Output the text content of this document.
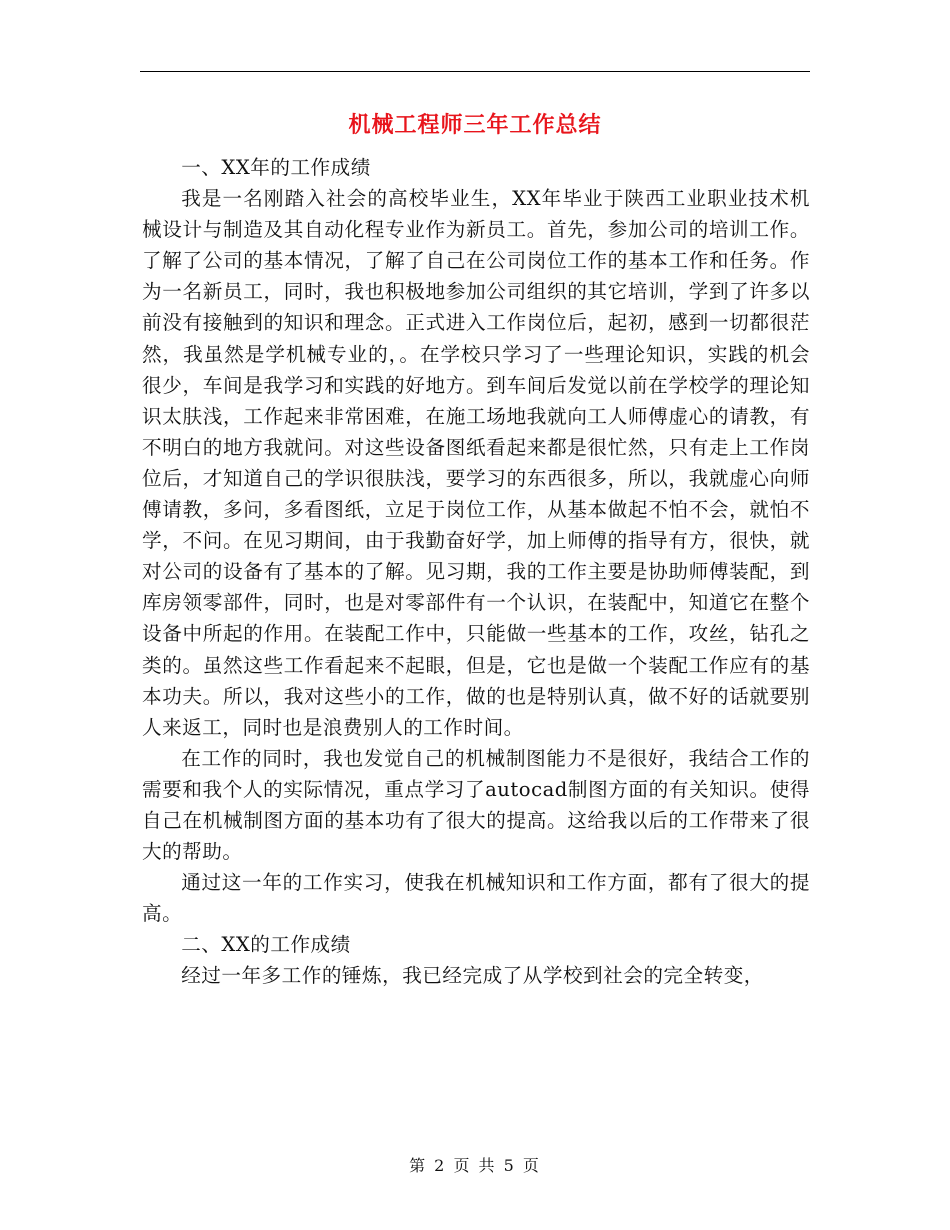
机械工程师三年工作总结

一、XX年的工作成绩

我是一名刚踏入社会的高校毕业生，XX年毕业于陕西工业职业技术机械设计与制造及其自动化程专业作为新员工。首先，参加公司的培训工作。了解了公司的基本情况，了解了自己在公司岗位工作的基本工作和任务。作为一名新员工，同时，我也积极地参加公司组织的其它培训，学到了许多以前没有接触到的知识和理念。正式进入工作岗位后，起初，感到一切都很茫然，我虽然是学机械专业的，。在学校只学习了一些理论知识，实践的机会很少，车间是我学习和实践的好地方。到车间后发觉以前在学校学的理论知识太肤浅，工作起来非常困难，在施工场地我就向工人师傅虚心的请教，有不明白的地方我就问。对这些设备图纸看起来都是很忙然，只有走上工作岗位后，才知道自己的学识很肤浅，要学习的东西很多，所以，我就虚心向师傅请教，多问，多看图纸，立足于岗位工作，从基本做起不怕不会，就怕不学，不问。在见习期间，由于我勤奋好学，加上师傅的指导有方，很快，就对公司的设备有了基本的了解。见习期，我的工作主要是协助师傅装配，到库房领零部件，同时，也是对零部件有一个认识，在装配中，知道它在整个设备中所起的作用。在装配工作中，只能做一些基本的工作，攻丝，钻孔之类的。虽然这些工作看起来不起眼，但是，它也是做一个装配工作应有的基本功夫。所以，我对这些小的工作，做的也是特别认真，做不好的话就要别人来返工，同时也是浪费别人的工作时间。

在工作的同时，我也发觉自己的机械制图能力不是很好，我结合工作的需要和我个人的实际情况，重点学习了autocad制图方面的有关知识。使得自己在机械制图方面的基本功有了很大的提高。这给我以后的工作带来了很大的帮助。

通过这一年的工作实习，使我在机械知识和工作方面，都有了很大的提高。

二、XX的工作成绩

经过一年多工作的锤炼，我已经完成了从学校到社会的完全转变，

第 2 页 共 5 页
